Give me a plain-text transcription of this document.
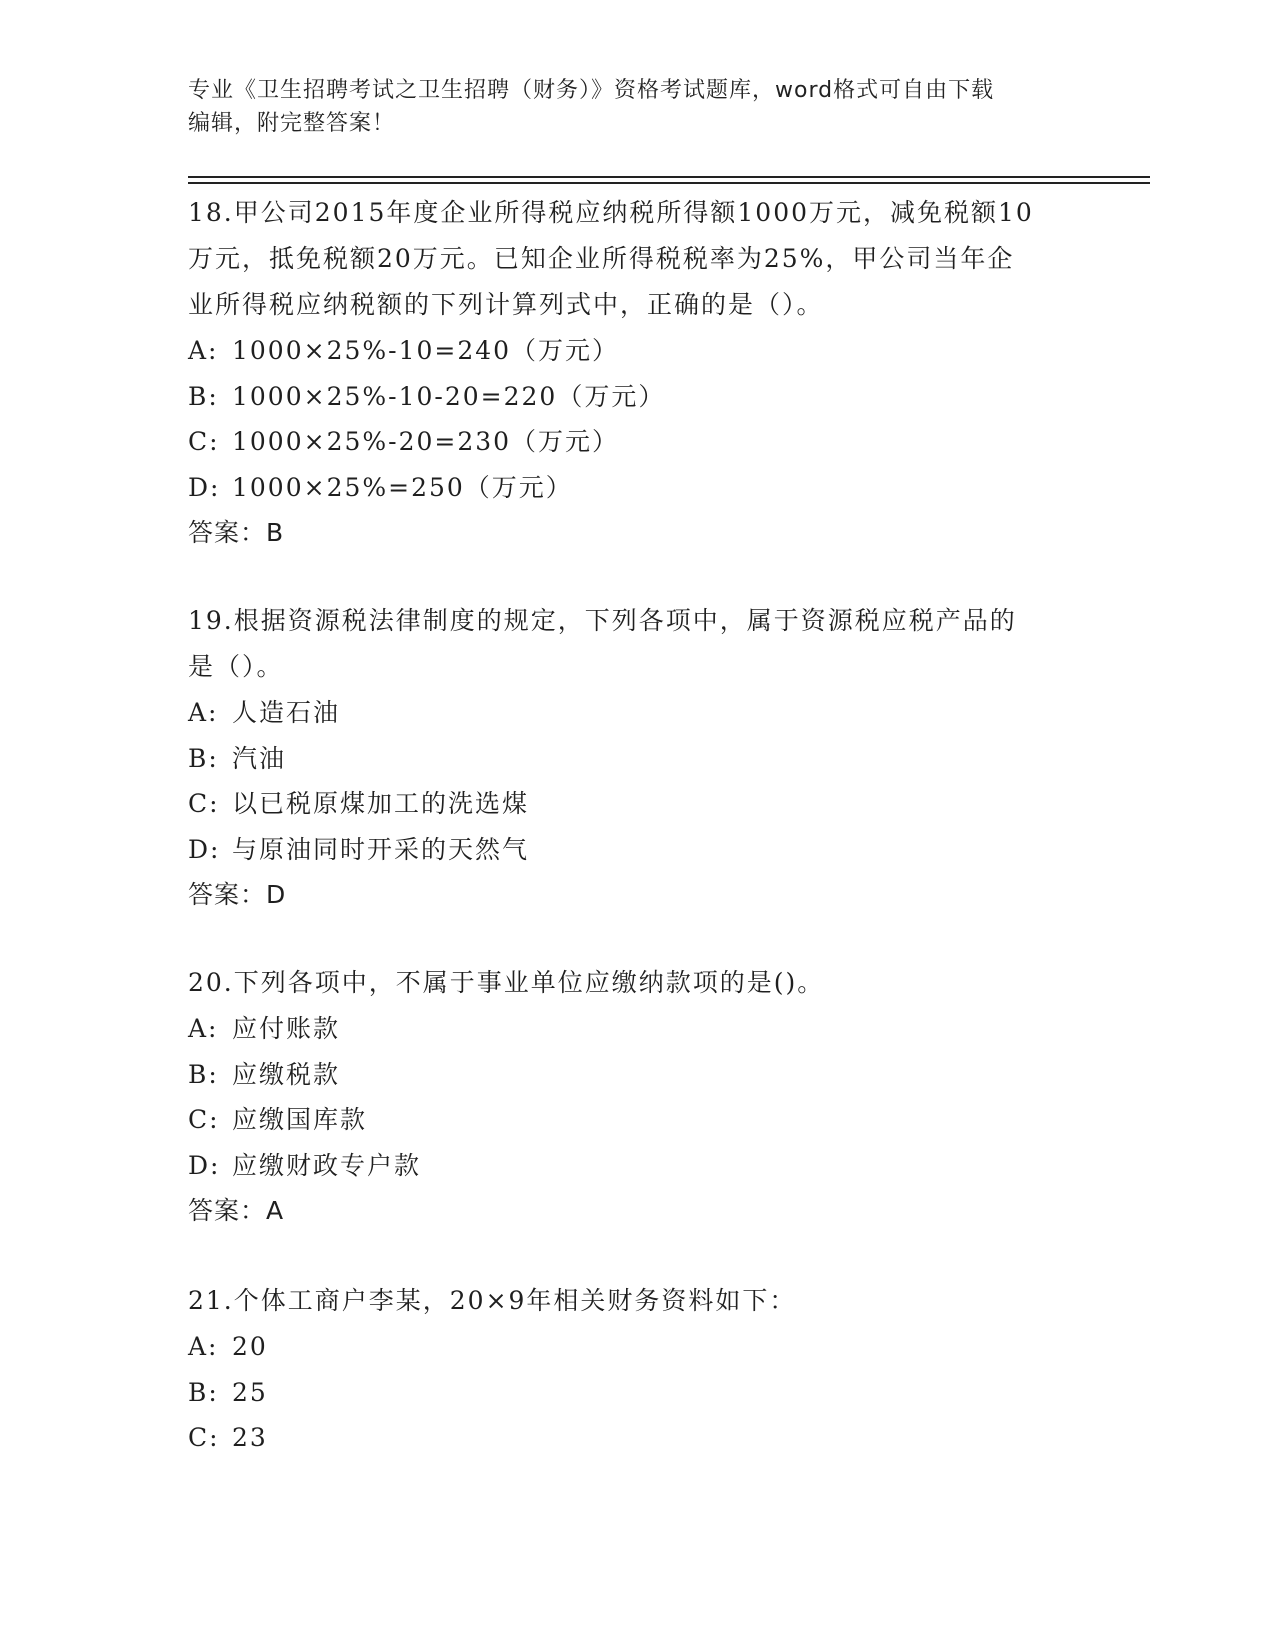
专业《卫生招聘考试之卫生招聘（财务）》资格考试题库，word格式可自由下载
编辑，附完整答案！

18.甲公司2015年度企业所得税应纳税所得额1000万元，减免税额10

万元，抵免税额20万元。已知企业所得税税率为25%，甲公司当年企

业所得税应纳税额的下列计算列式中，正确的是（）。

A: 1000×25%-10=240（万元）

B: 1000×25%-10-20=220（万元）

C: 1000×25%-20=230（万元）

D: 1000×25%=250（万元）

答案：B

19.根据资源税法律制度的规定，下列各项中，属于资源税应税产品的

是（）。

A: 人造石油

B: 汽油

C: 以已税原煤加工的洗选煤

D: 与原油同时开采的天然气

答案：D

20.下列各项中，不属于事业单位应缴纳款项的是()。

A: 应付账款

B: 应缴税款

C: 应缴国库款

D: 应缴财政专户款

答案：A

21.个体工商户李某，20×9年相关财务资料如下：

A: 20

B: 25

C: 23
